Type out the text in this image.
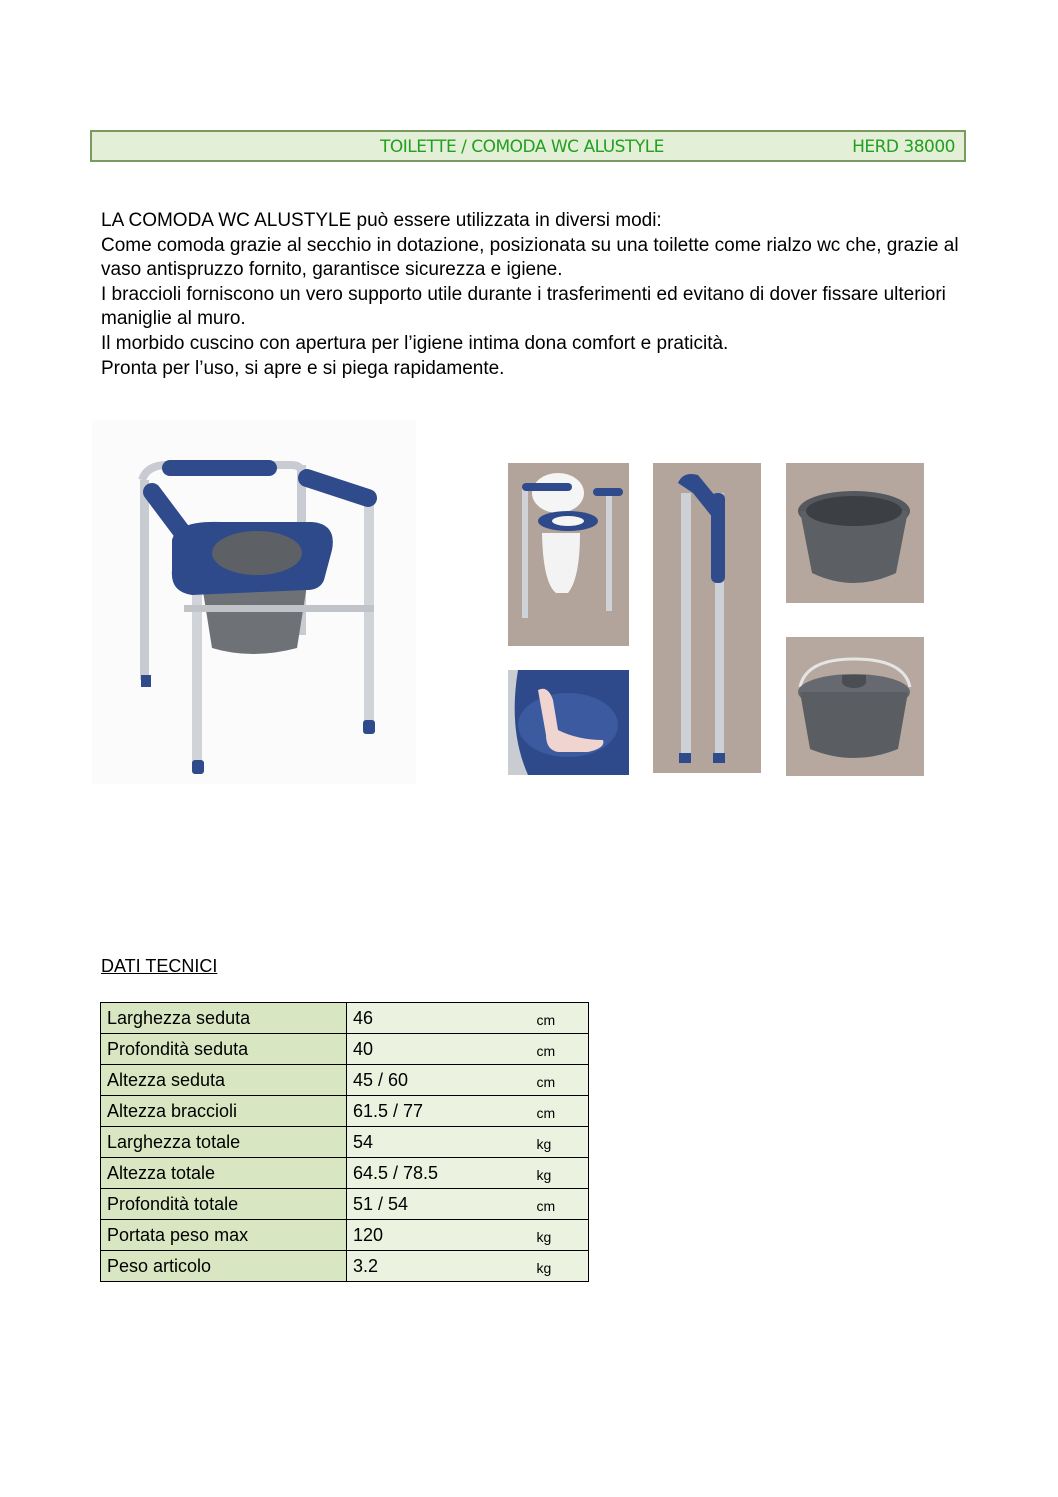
TOILETTE / COMODA WC ALUSTYLE	HERD 38000

LA COMODA WC ALUSTYLE può essere utilizzata in diversi modi:

Come comoda grazie al secchio in dotazione, posizionata su una toilette come rialzo wc che, grazie al vaso antispruzzo fornito, garantisce sicurezza e igiene.

I braccioli forniscono un vero supporto utile durante i trasferimenti ed evitano di dover fissare ulteriori maniglie al muro.

Il morbido cuscino con apertura per l’igiene intima dona comfort e praticità.

Pronta per l’uso, si apre e si piega rapidamente.

DATI TECNICI
Larghezza seduta	46	cm
Profondità seduta	40	cm
Altezza seduta	45 / 60	cm
Altezza braccioli	61.5 / 77	cm
Larghezza totale	54	kg
Altezza totale	64.5 / 78.5	kg
Profondità totale	51 / 54	cm
Portata peso max	120	kg
Peso articolo	3.2	kg
